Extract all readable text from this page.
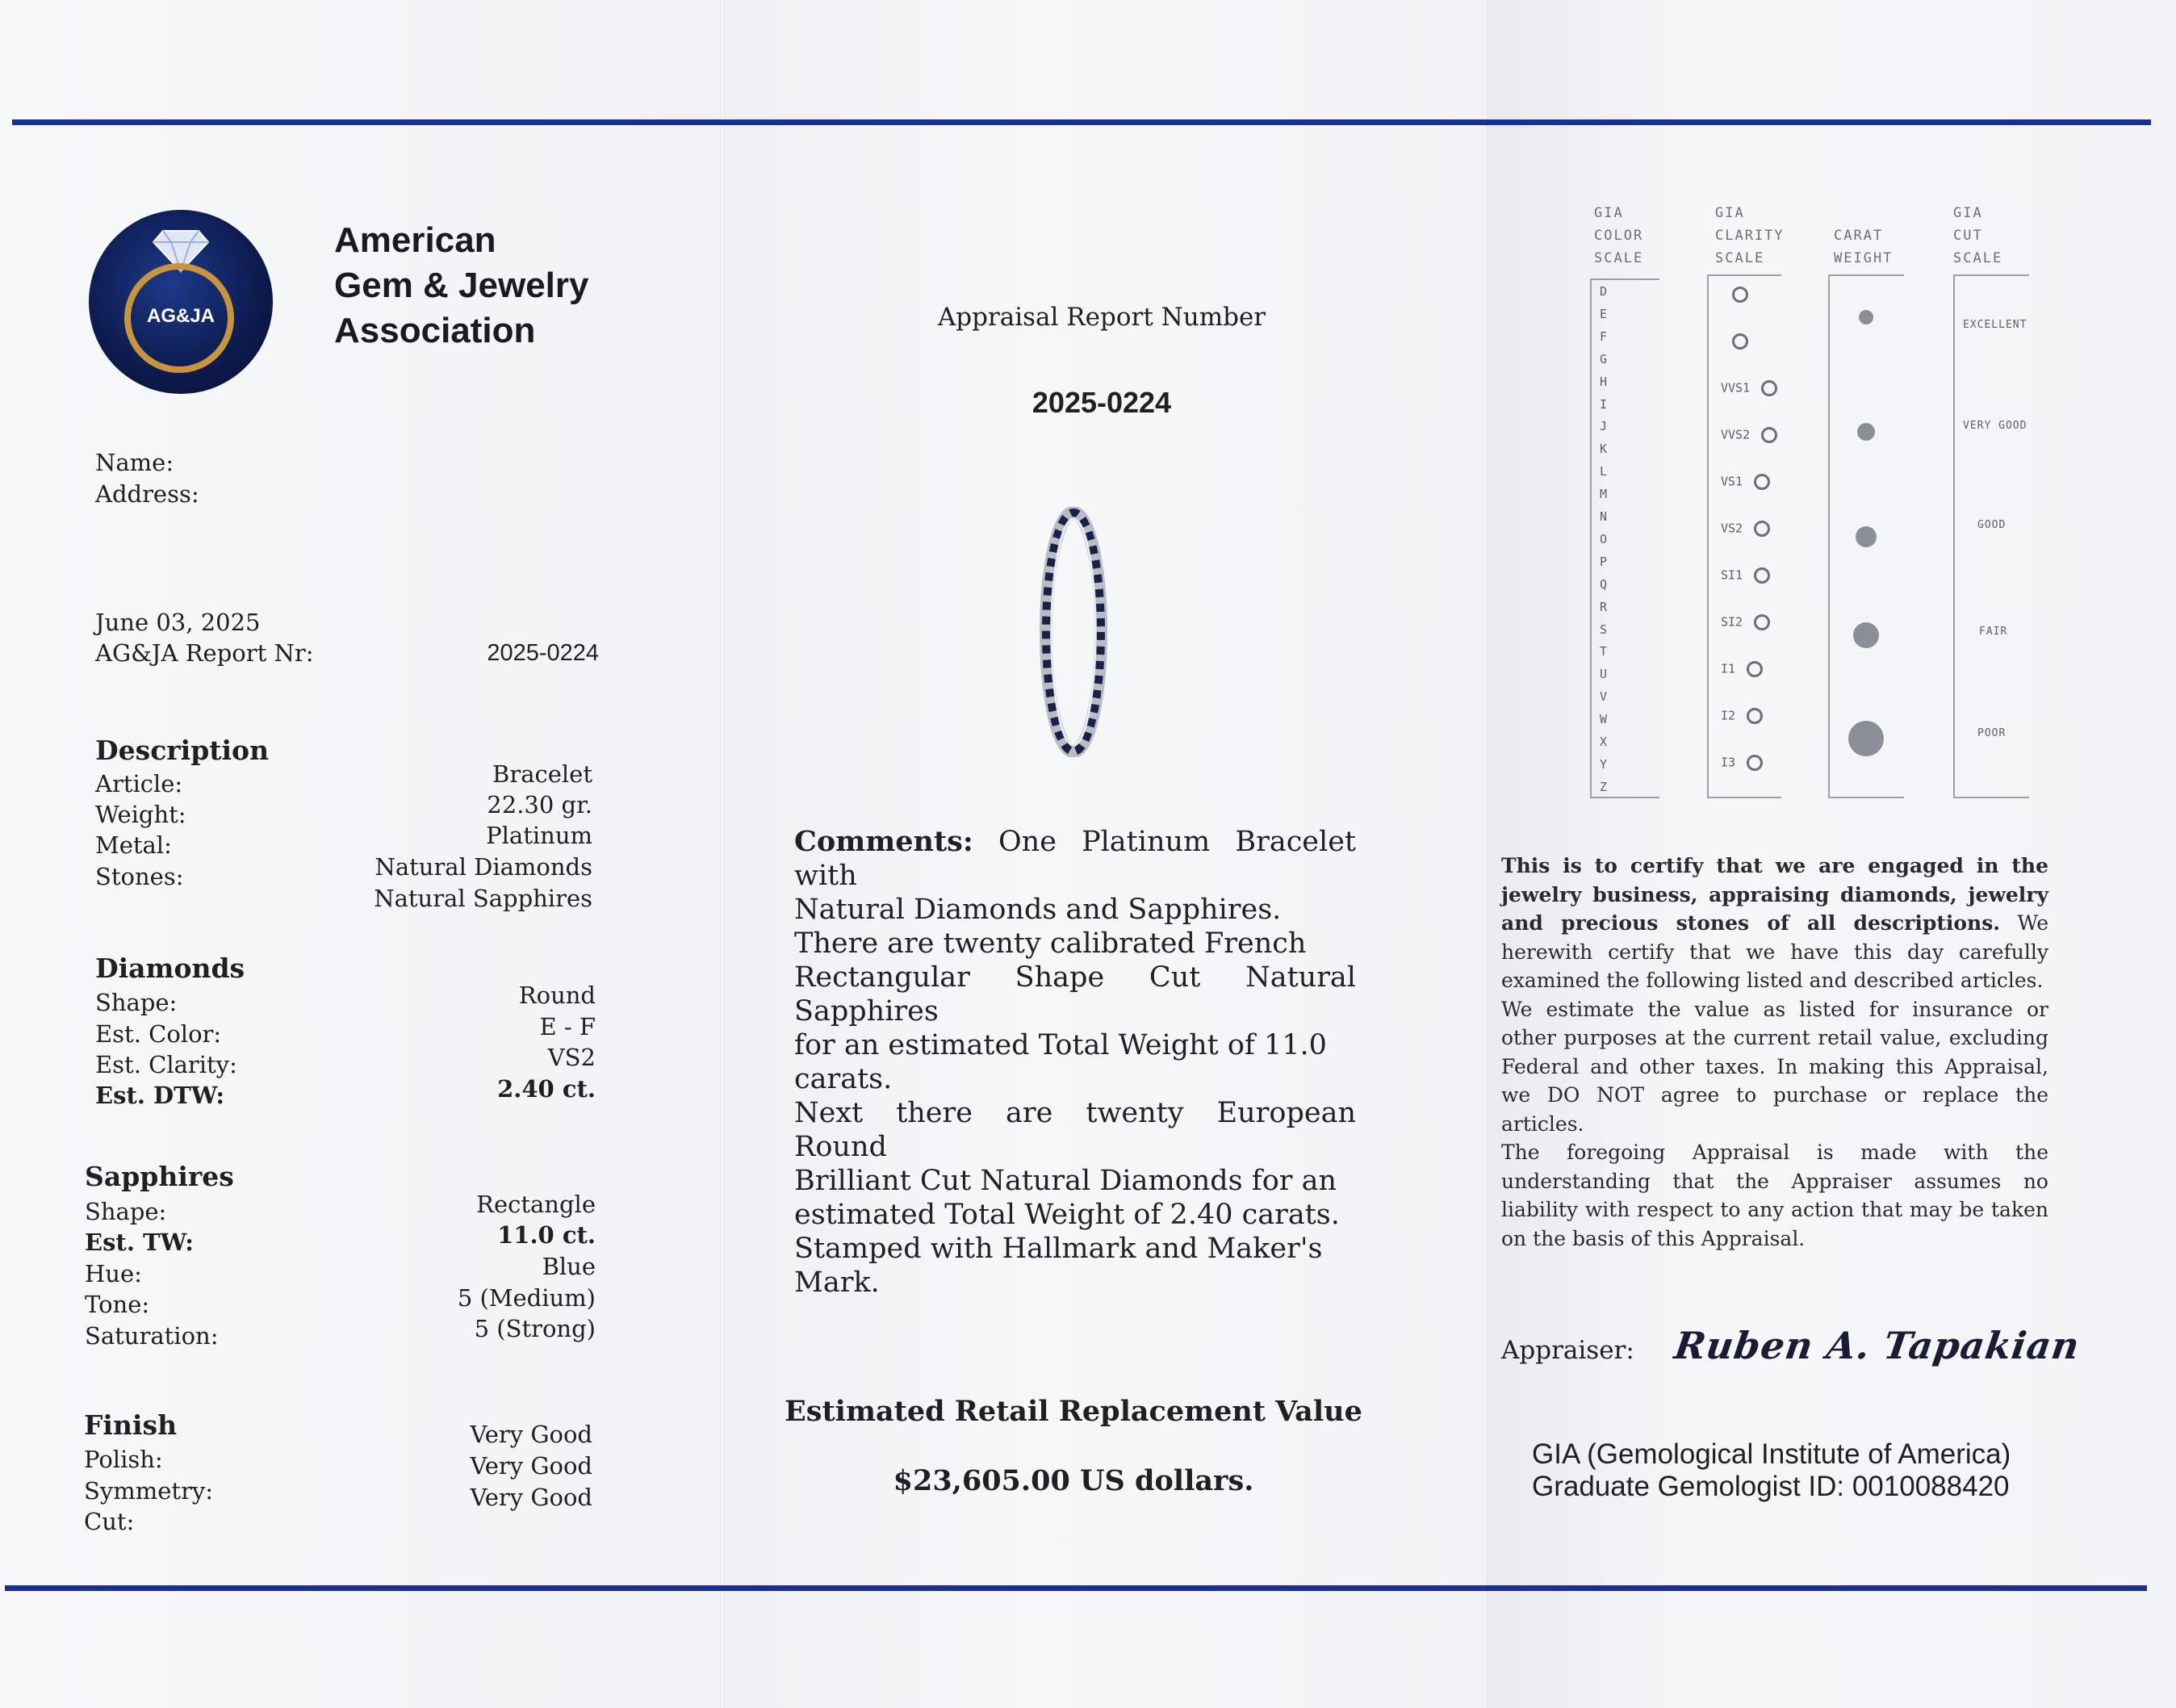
AG&JA
American
Gem & Jewelry
Association
Name:
Address:
June 03, 2025
AG&JA Report Nr:	2025-0224
Description
Article:	Bracelet
Weight:	22.30 gr.
Metal:	Platinum
Stones:	Natural Diamonds
Natural Sapphires
Diamonds
Shape:	Round
Est. Color:	E - F
Est. Clarity:	VS2
Est. DTW:	2.40 ct.
Sapphires
Shape:	Rectangle
Est. TW:	11.0 ct.
Hue:	Blue
Tone:	5 (Medium)
Saturation:	5 (Strong)
Finish
Polish:
Very Good
Symmetry:
Very Good
Cut:
Very Good
Appraisal Report Number
2025-0224
Comments: One Platinum Bracelet with
Natural Diamonds and Sapphires.
There are twenty calibrated French
Rectangular Shape Cut Natural Sapphires
for an estimated Total Weight of 11.0
carats.
Next there are twenty European Round
Brilliant Cut Natural Diamonds for an
estimated Total Weight of 2.40 carats.
Stamped with Hallmark and Maker's
Mark.
Estimated Retail Replacement Value
$23,605.00 US dollars.
GIA
COLOR
SCALE
GIA
CLARITY
SCALE
CARAT
WEIGHT
GIA
CUT
SCALE
D
E
F
G
H
I
J
K
L
M
N
O
P
Q
R
S
T
U
V
W
X
Y
Z
VVS1
VVS2
VS1
VS2
SI1
SI2
I1
I2
I3
EXCELLENT
VERY GOOD
GOOD
FAIR
POOR
This is to certify that we are engaged in the jewelry business, appraising diamonds, jewelry and precious stones of all descriptions. We herewith certify that we have this day carefully examined the following listed and described articles.
We estimate the value as listed for insurance or other purposes at the current retail value, excluding Federal and other taxes. In making this Appraisal, we DO NOT agree to purchase or replace the articles.
The foregoing Appraisal is made with the understanding that the Appraiser assumes no liability with respect to any action that may be taken on the basis of this Appraisal.
Appraiser: Ruben A. Tapakian
GIA (Gemological Institute of America)
Graduate Gemologist ID: 0010088420
